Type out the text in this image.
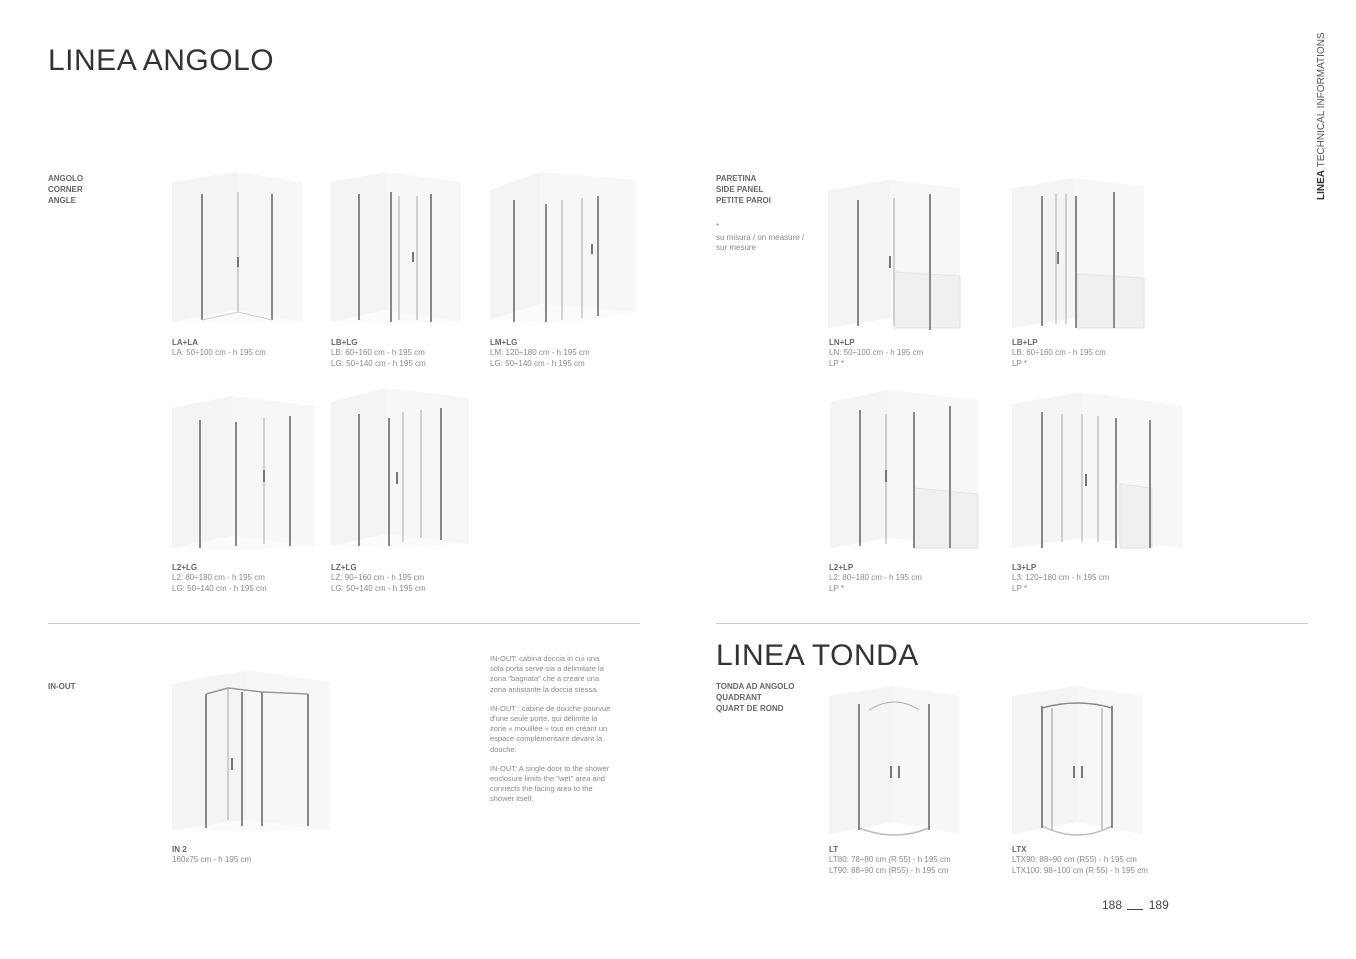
LINEA TECHNICAL INFORMATIONS
LINEA ANGOLO
ANGOLO
CORNER
ANGLE
LA+LA
LA: 50÷100 cm - h 195 cm
LB+LG
LB: 60÷160 cm - h 195 cm
LG: 50÷140 cm - h 195 cm
LM+LG
LM: 120÷180 cm - h 195 cm
LG: 50÷140 cm - h 195 cm
L2+LG
L2: 80÷180 cm - h 195 cm
LG: 50÷140 cm - h 195 cm
LZ+LG
LZ: 90÷160 cm - h 195 cm
LG: 50÷140 cm - h 195 cm
PARETINA
SIDE PANEL
PETITE PAROI
*
su misura / on measure /
sur mesure
LN+LP
LN: 50÷100 cm - h 195 cm
LP *
LB+LP
LB: 60÷160 cm - h 195 cm
LP *
L2+LP
L2: 80÷180 cm - h 195 cm
LP *
L3+LP
L3: 120÷180 cm - h 195 cm
LP *
IN-OUT

IN-OUT: cabina doccia in cui una sola porta serve sia a delimitare la zona "bagnata" che a creare una zona antistante la doccia stessa.

IN-OUT : cabine de douche pourvue d'une seule porte, qui délimite la zone « mouillée » tout en créant un espace complémentaire devant la douche.

IN-OUT: A single door to the shower enclosure limits the "wet" area and connects the facing area to the shower itself.

IN 2
160x75 cm - h 195 cm
LINEA TONDA
TONDA AD ANGOLO
QUADRANT
QUART DE ROND
LT
LT80: 78÷80 cm (R 55) - h 195 cm
LT90: 88÷90 cm (R55) - h 195 cm
LTX
LTX90: 88÷90 cm (R55) - h 195 cm
LTX100: 98÷100 cm (R 55) - h 195 cm
188 189
